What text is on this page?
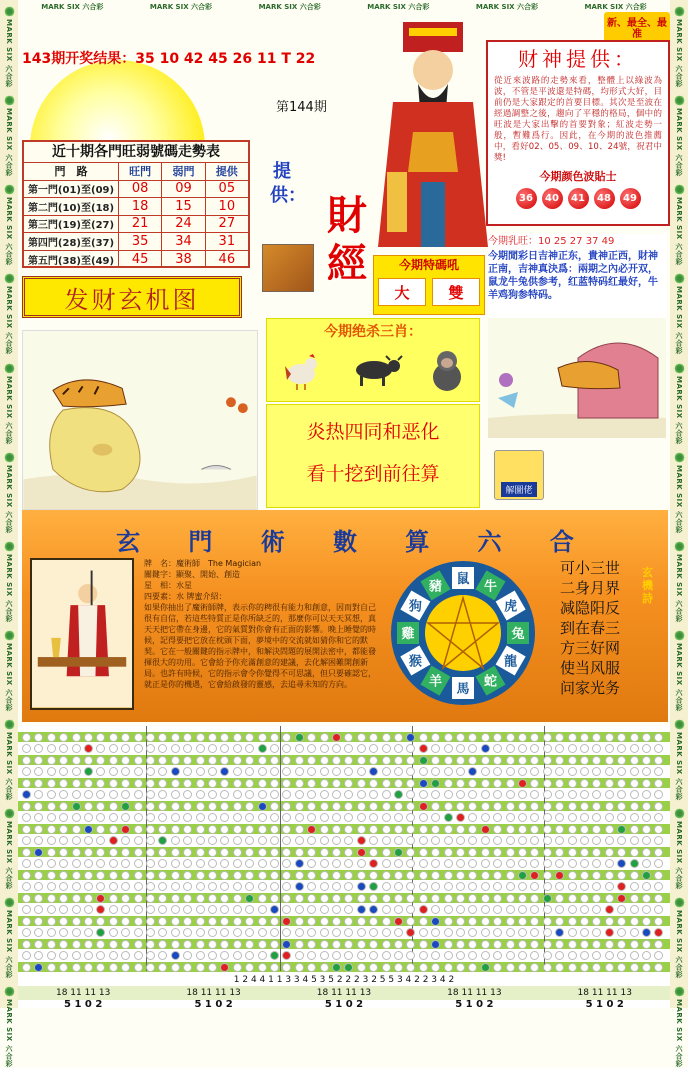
MARK SIX 六合彩
MARK SIX 六合彩
MARK SIX 六合彩
MARK SIX 六合彩
MARK SIX 六合彩
MARK SIX 六合彩
MARK SIX 六合彩
MARK SIX 六合彩
MARK SIX 六合彩
MARK SIX 六合彩
MARK SIX 六合彩
MARK SIX 六合彩
MARK SIX 六合彩
MARK SIX 六合彩
MARK SIX 六合彩
MARK SIX 六合彩
MARK SIX 六合彩
MARK SIX 六合彩
MARK SIX 六合彩
MARK SIX 六合彩
MARK SIX 六合彩
MARK SIX 六合彩
MARK SIX 六合彩
MARK SIX 六合彩
MARK SIX 六合彩	MARK SIX 六合彩	MARK SIX 六合彩	MARK SIX 六合彩	MARK SIX 六合彩	MARK SIX 六合彩
143期开奖结果：35 10 42 45 26 11 T 22
第144期
新、最全、最准
近十期各門旺弱號碼走勢表
門　路	旺門	弱門	提供
第一門(01)至(09)	08	09	05
第二門(10)至(18)	18	15	10
第三門(19)至(27)	21	24	27
第四門(28)至(37)	35	34	31
第五門(38)至(49)	45	38	46
提供： 財經	今期特碼吼
大	雙
发财玄机图
今期绝杀三肖：
炎热四同和恶化
看十挖到前往算
财神提供：
從近來波路的走勢來看，整體上以綠波為波，不管是平波還是特碼，均形式大好，目前仍是大家跟定的首要目標。其次是至波在經過調整之後，趨向了平穩的格局，個中的旺波是大家出擊的首要對象；紅波走勢一般，暫難爲行。因此，在今期的波色推薦中，看好02、05、09、10、24號，祝君中獎!
今期颜色波貼士
36	40	41	48	49
今期乳旺：10 25 27 37 49
今期閒彩日吉神正东，貴神正西，財神正南，吉神真決爲：兩期之內必开双，鼠龙牛兔供参考，红蓝特码红最好，牛羊鸡狗参特码。
解圖佬
玄 門 術 數 算 六 合
牌　名：魔術師　The Magician
關鍵字：顯聚、開始、創造
星　相：水星
四要素：水 牌蜜介紹：
如果你抽出了魔術師牌，表示你的稗很有能力和創意，因而對自己很有自信，若這些特質正是你所缺乏的，那麼你可以天天冥想，真天天把它帶在身邊，它的氣質對你會有正面的影響。晚上睡覺的時候，記得要把它放在枕頭下面，夢境中的交流就如猜你和它的默契。它在一般關鍵的指示牌中，和解決問題的展開法密中，都能發揮很大的功用。它會給予你充滿創意的建議，去化解困難開創新局。也許有時候，它的指示會令你覺得不可思議，但只要確認它，就正是你的機遇，它會給啟發的靈感，去追尋未知的方向。
鼠 牛
虎
兔
龍
蛇
馬
羊
猴
雞
狗
豬
可小三世
二身月界
减隐阳反
到在春三
方三好网
使当风服
问家光务
玄機詩
1 2 4 4 1 1 3 3 4 5 3 5 2 2 2 3 2 5 5 3 4 2 2 3 4 2
18 11 11 13	18 11 11 13	18 11 11 13	18 11 11 13	18 11 11 13
5 1 0 2	5 1 0 2	5 1 0 2	5 1 0 2	5 1 0 2
